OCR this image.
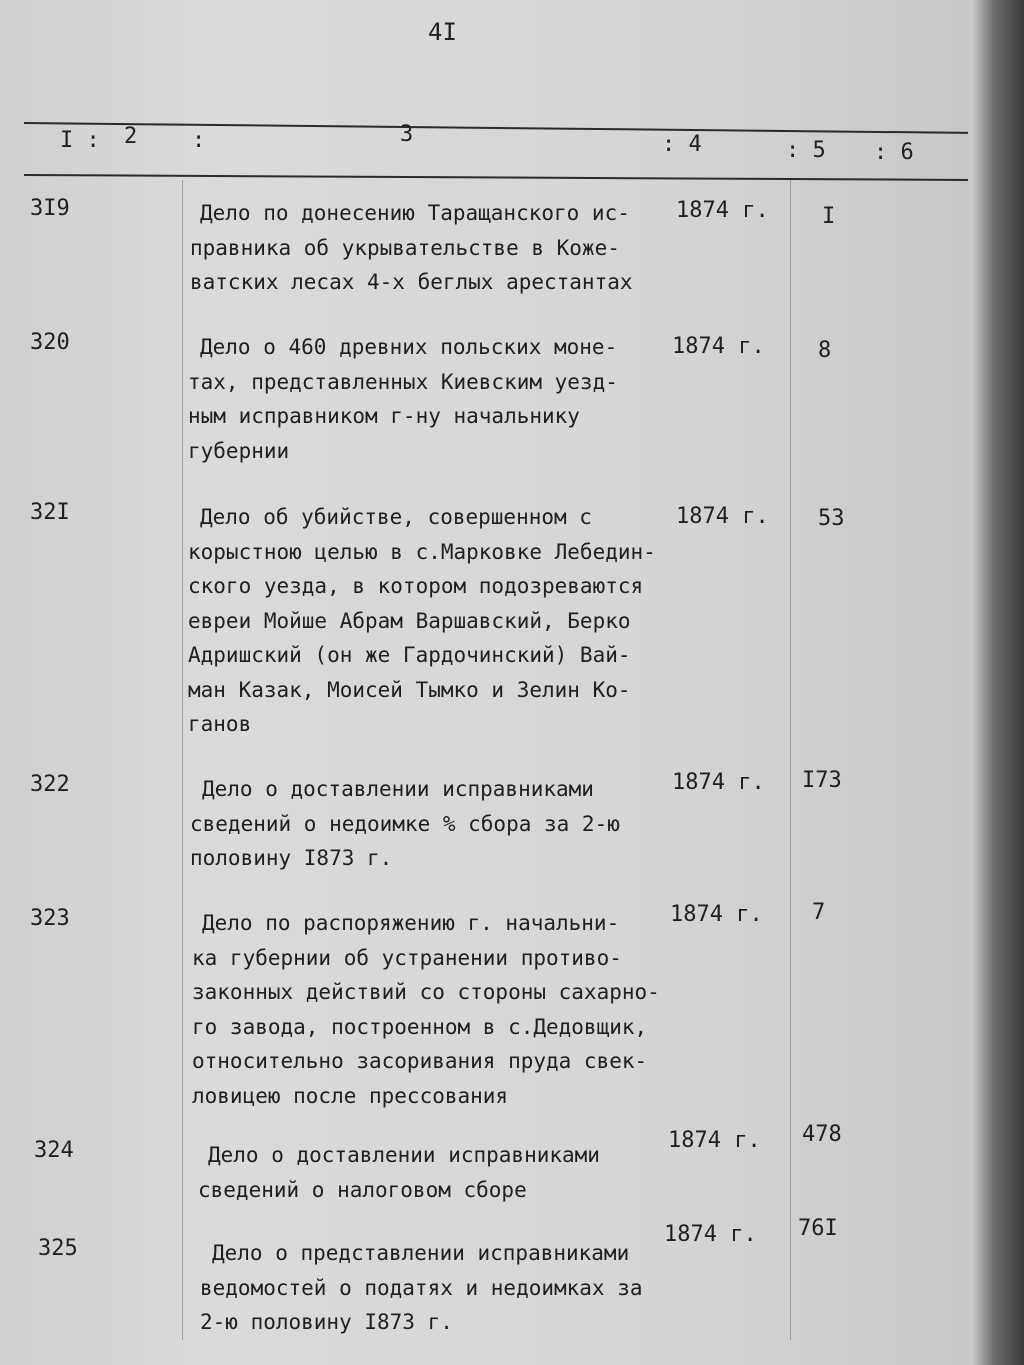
4I
I : 2 :	3	: 4	: 5 : 6
3I9	Дело по донесению Таращанского ис-
правника об укрывательстве в Коже-
ватских лесах 4-х беглых арестантах
1874 г. I
320	Дело о 460 древних польских моне-
тах, представленных Киевским уезд-
ным исправником г-ну начальнику
губернии
1874 г. 8
32I	Дело об убийстве, совершенном с
корыстною целью в с.Марковке Лебедин-
ского уезда, в котором подозреваются
евреи Мойше Абрам Варшавский, Берко
Адришский (он же Гардочинский) Вай-
ман Казак, Моисей Тымко и Зелин Ко-
ганов
1874 г. 53
322	Дело о доставлении исправниками
сведений о недоимке % сбора за 2-ю
половину I873 г.
1874 г. I73
323	Дело по распоряжению г. начальни-
ка губернии об устранении противо-
законных действий со стороны сахарно-
го завода, построенном в с.Дедовщик,
относительно засоривания пруда свек-
ловицею после прессования
1874 г. 7
324	Дело о доставлении исправниками
сведений о налоговом сборе
1874 г. 478
325	Дело о представлении исправниками
ведомостей о податях и недоимках за
2-ю половину I873 г.
1874 г. 76I
